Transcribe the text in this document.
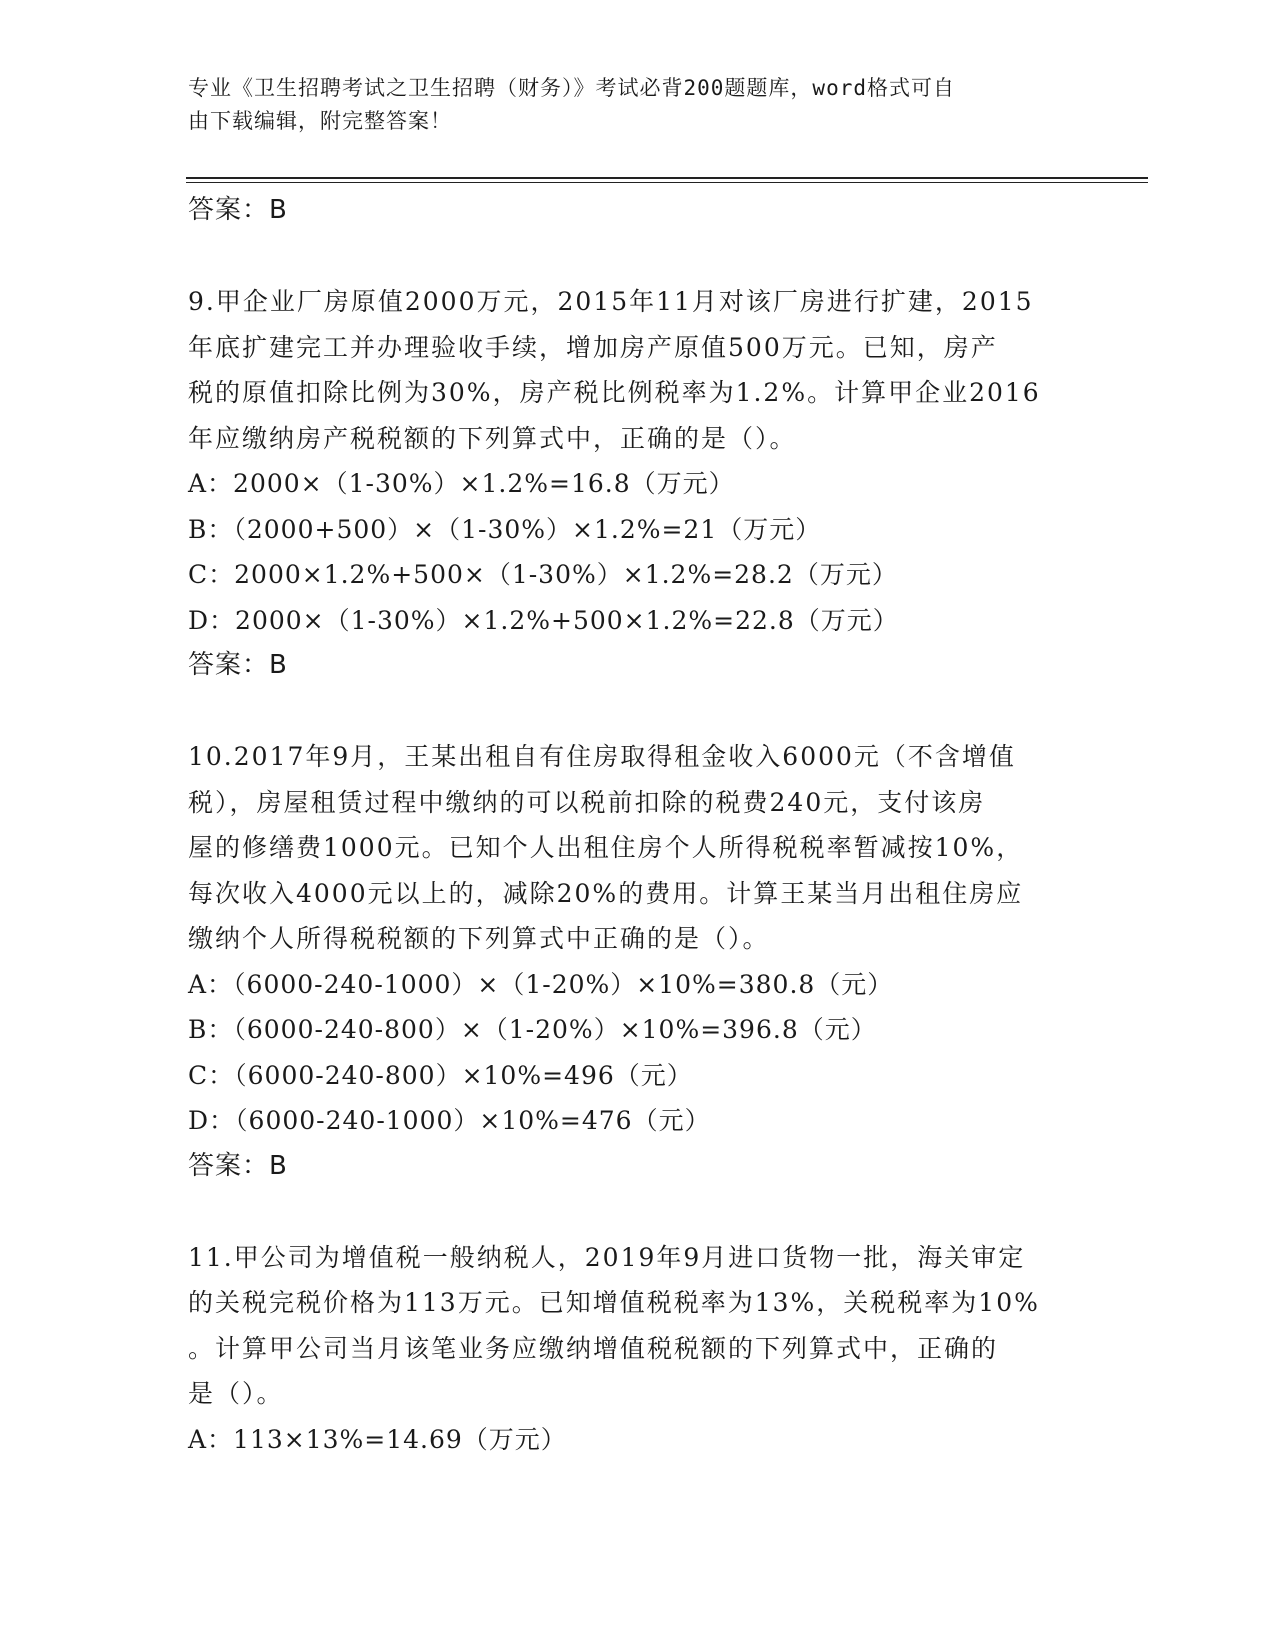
专业《卫生招聘考试之卫生招聘（财务）》考试必背200题题库，word格式可自
由下载编辑，附完整答案！
答案：B
9.甲企业厂房原值2000万元，2015年11月对该厂房进行扩建，2015
年底扩建完工并办理验收手续，增加房产原值500万元。已知，房产
税的原值扣除比例为30%，房产税比例税率为1.2%。计算甲企业2016
年应缴纳房产税税额的下列算式中，正确的是（）。
A：2000×（1-30%）×1.2%=16.8（万元）
B：（2000+500）×（1-30%）×1.2%=21（万元）
C：2000×1.2%+500×（1-30%）×1.2%=28.2（万元）
D：2000×（1-30%）×1.2%+500×1.2%=22.8（万元）
答案：B
10.2017年9月，王某出租自有住房取得租金收入6000元（不含增值
税），房屋租赁过程中缴纳的可以税前扣除的税费240元，支付该房
屋的修缮费1000元。已知个人出租住房个人所得税税率暂减按10%，
每次收入4000元以上的，减除20%的费用。计算王某当月出租住房应
缴纳个人所得税税额的下列算式中正确的是（）。
A：（6000-240-1000）×（1-20%）×10%=380.8（元）
B：（6000-240-800）×（1-20%）×10%=396.8（元）
C：（6000-240-800）×10%=496（元）
D：（6000-240-1000）×10%=476（元）
答案：B
11.甲公司为增值税一般纳税人，2019年9月进口货物一批，海关审定
的关税完税价格为113万元。已知增值税税率为13%，关税税率为10%
。计算甲公司当月该笔业务应缴纳增值税税额的下列算式中，正确的
是（）。
A：113×13%=14.69（万元）
